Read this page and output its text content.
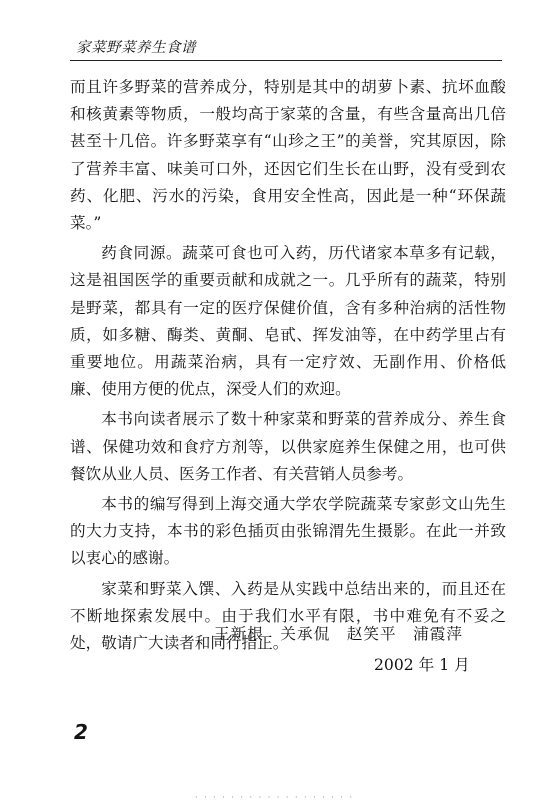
家菜野菜养生食谱

而且许多野菜的营养成分，特别是其中的胡萝卜素、抗坏血酸和核黄素等物质，一般均高于家菜的含量，有些含量高出几倍甚至十几倍。许多野菜享有“山珍之王”的美誉，究其原因，除了营养丰富、味美可口外，还因它们生长在山野，没有受到农药、化肥、污水的污染，食用安全性高，因此是一种“环保蔬菜。”

药食同源。蔬菜可食也可入药，历代诸家本草多有记载，这是祖国医学的重要贡献和成就之一。几乎所有的蔬菜，特别是野菜，都具有一定的医疗保健价值，含有多种治病的活性物质，如多糖、酶类、黄酮、皂甙、挥发油等，在中药学里占有重要地位。用蔬菜治病，具有一定疗效、无副作用、价格低廉、使用方便的优点，深受人们的欢迎。

本书向读者展示了数十种家菜和野菜的营养成分、养生食谱、保健功效和食疗方剂等，以供家庭养生保健之用，也可供餐饮从业人员、医务工作者、有关营销人员参考。

本书的编写得到上海交通大学农学院蔬菜专家彭文山先生的大力支持，本书的彩色插页由张锦渭先生摄影。在此一并致以衷心的感谢。

家菜和野菜入馔、入药是从实践中总结出来的，而且还在不断地探索发展中。由于我们水平有限，书中难免有不妥之处，敬请广大读者和同行指正。

王新根　关承侃　赵笑平　浦霞萍
2002 年 1 月
2
· · · · · · · · · · · · · · · · · ·
